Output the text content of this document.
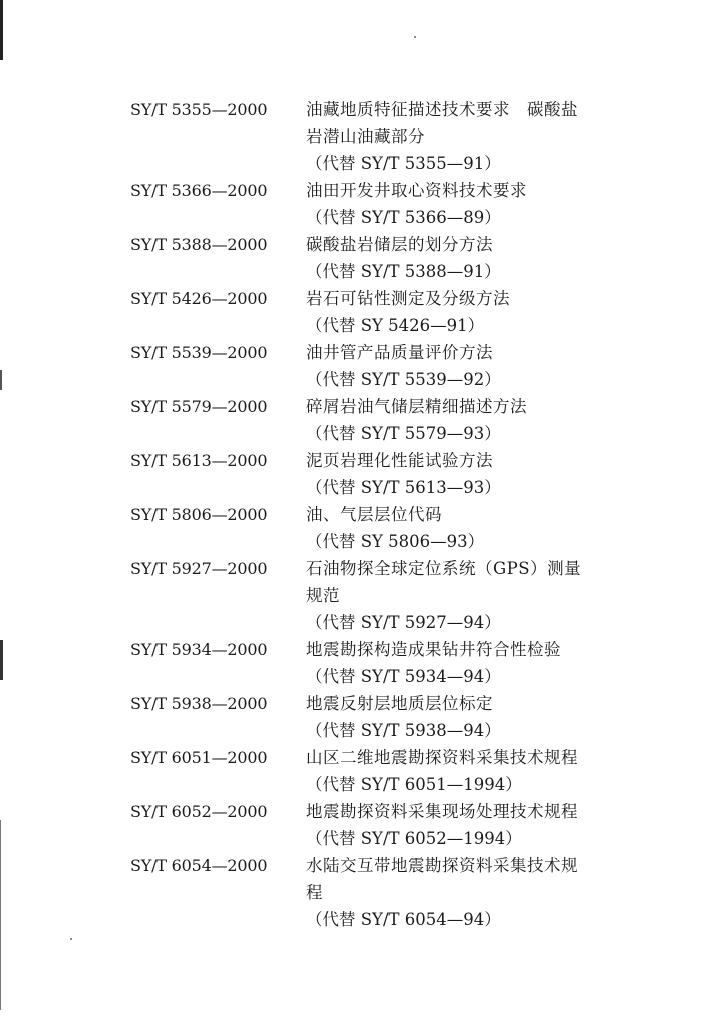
SY/T 5355—2000	油藏地质特征描述技术要求　碳酸盐
岩潜山油藏部分
（代替 SY/T 5355—91）
SY/T 5366—2000	油田开发井取心资料技术要求
（代替 SY/T 5366—89）
SY/T 5388—2000	碳酸盐岩储层的划分方法
（代替 SY/T 5388—91）
SY/T 5426—2000	岩石可钻性测定及分级方法
（代替 SY 5426—91）
SY/T 5539—2000	油井管产品质量评价方法
（代替 SY/T 5539—92）
SY/T 5579—2000	碎屑岩油气储层精细描述方法
（代替 SY/T 5579—93）
SY/T 5613—2000	泥页岩理化性能试验方法
（代替 SY/T 5613—93）
SY/T 5806—2000	油、气层层位代码
（代替 SY 5806—93）
SY/T 5927—2000	石油物探全球定位系统（GPS）测量
规范
（代替 SY/T 5927—94）
SY/T 5934—2000	地震勘探构造成果钻井符合性检验
（代替 SY/T 5934—94）
SY/T 5938—2000	地震反射层地质层位标定
（代替 SY/T 5938—94）
SY/T 6051—2000	山区二维地震勘探资料采集技术规程
（代替 SY/T 6051—1994）
SY/T 6052—2000	地震勘探资料采集现场处理技术规程
（代替 SY/T 6052—1994）
SY/T 6054—2000	水陆交互带地震勘探资料采集技术规
程
（代替 SY/T 6054—94）
